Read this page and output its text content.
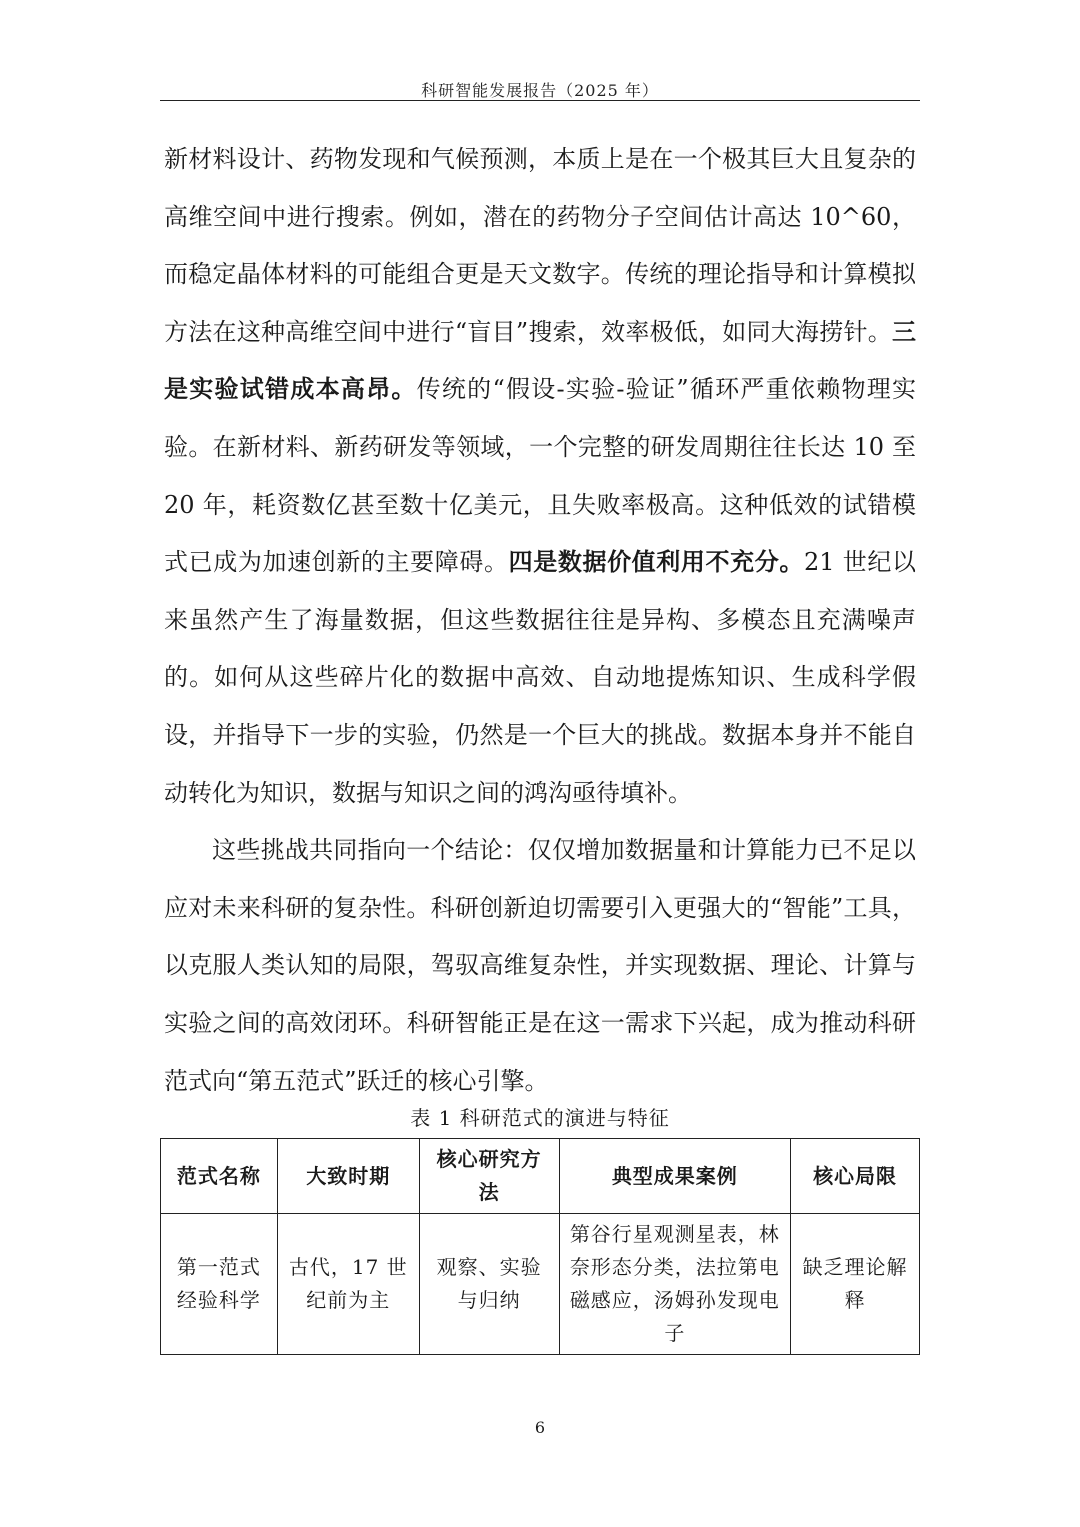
科研智能发展报告（2025 年）

新材料设计、药物发现和气候预测，本质上是在一个极其巨大且复杂的高维空间中进行搜索。例如，潜在的药物分子空间估计高达 10^60，而稳定晶体材料的可能组合更是天文数字。传统的理论指导和计算模拟方法在这种高维空间中进行“盲目”搜索，效率极低，如同大海捞针。三是实验试错成本高昂。传统的“假设-实验-验证”循环严重依赖物理实验。在新材料、新药研发等领域，一个完整的研发周期往往长达 10 至 20 年，耗资数亿甚至数十亿美元，且失败率极高。这种低效的试错模式已成为加速创新的主要障碍。四是数据价值利用不充分。21 世纪以来虽然产生了海量数据，但这些数据往往是异构、多模态且充满噪声的。如何从这些碎片化的数据中高效、自动地提炼知识、生成科学假设，并指导下一步的实验，仍然是一个巨大的挑战。数据本身并不能自动转化为知识，数据与知识之间的鸿沟亟待填补。

这些挑战共同指向一个结论：仅仅增加数据量和计算能力已不足以应对未来科研的复杂性。科研创新迫切需要引入更强大的“智能”工具，以克服人类认知的局限，驾驭高维复杂性，并实现数据、理论、计算与实验之间的高效闭环。科研智能正是在这一需求下兴起，成为推动科研范式向“第五范式”跃迁的核心引擎。

表 1 科研范式的演进与特征
范式名称	大致时期	核心研究方法	典型成果案例	核心局限
第一范式经验科学	古代，17 世纪前为主	观察、实验与归纳	第谷行星观测星表，林奈形态分类，法拉第电磁感应，汤姆孙发现电子	缺乏理论解释
6
